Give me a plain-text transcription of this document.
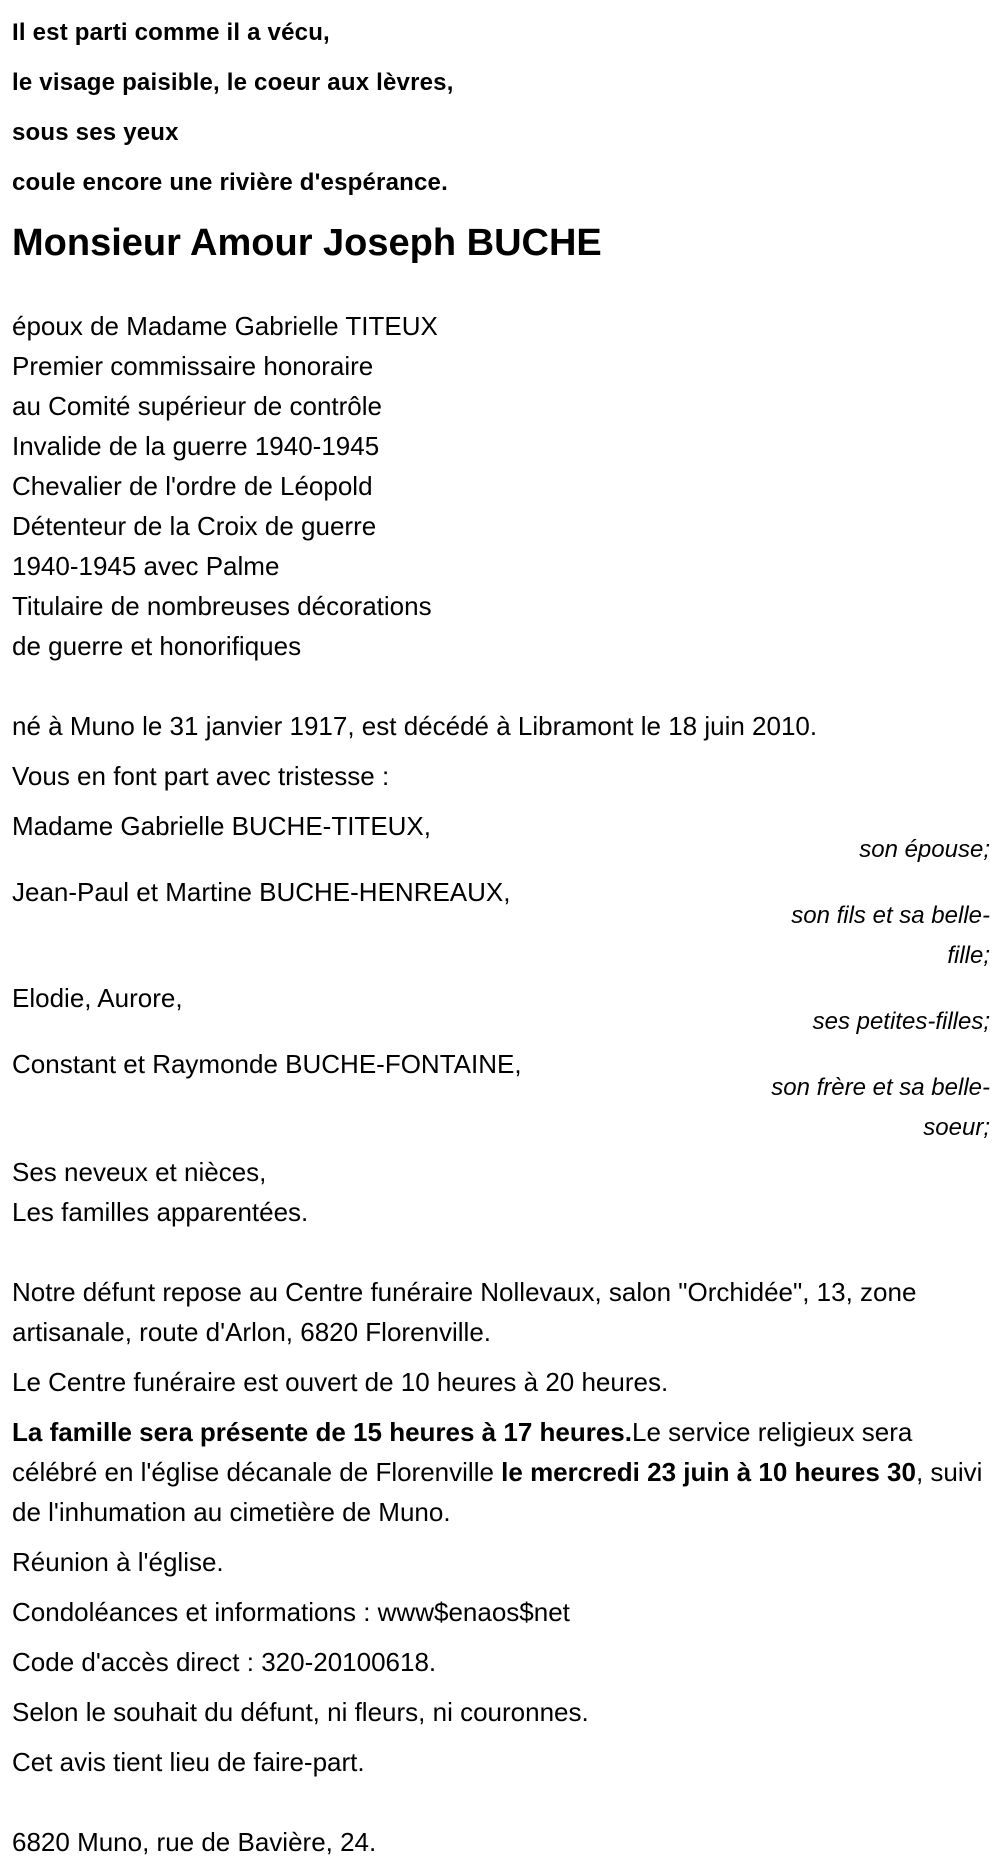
Il est parti comme il a vécu,

le visage paisible, le coeur aux lèvres,

sous ses yeux

coule encore une rivière d'espérance.

Monsieur Amour Joseph BUCHE

époux de Madame Gabrielle TITEUX

Premier commissaire honoraire

au Comité supérieur de contrôle

Invalide de la guerre 1940-1945

Chevalier de l'ordre de Léopold

Détenteur de la Croix de guerre

1940-1945 avec Palme

Titulaire de nombreuses décorations

de guerre et honorifiques

né à Muno le 31 janvier 1917, est décédé à Libramont le 18 juin 2010.

Vous en font part avec tristesse :

Madame Gabrielle BUCHE-TITEUX,
son épouse;
Jean-Paul et Martine BUCHE-HENREAUX,
son fils et sa belle-fille;
Elodie, Aurore,
ses petites-filles;
Constant et Raymonde BUCHE-FONTAINE,
son frère et sa belle-soeur;

Ses neveux et nièces,

Les familles apparentées.

Notre défunt repose au Centre funéraire Nollevaux, salon "Orchidée", 13, zone artisanale, route d'Arlon, 6820 Florenville.

Le Centre funéraire est ouvert de 10 heures à 20 heures.

La famille sera présente de 15 heures à 17 heures.Le service religieux sera célébré en l'église décanale de Florenville le mercredi 23 juin à 10 heures 30, suivi de l'inhumation au cimetière de Muno.

Réunion à l'église.

Condoléances et informations : www$enaos$net

Code d'accès direct : 320-20100618.

Selon le souhait du défunt, ni fleurs, ni couronnes.

Cet avis tient lieu de faire-part.

6820 Muno, rue de Bavière, 24.
